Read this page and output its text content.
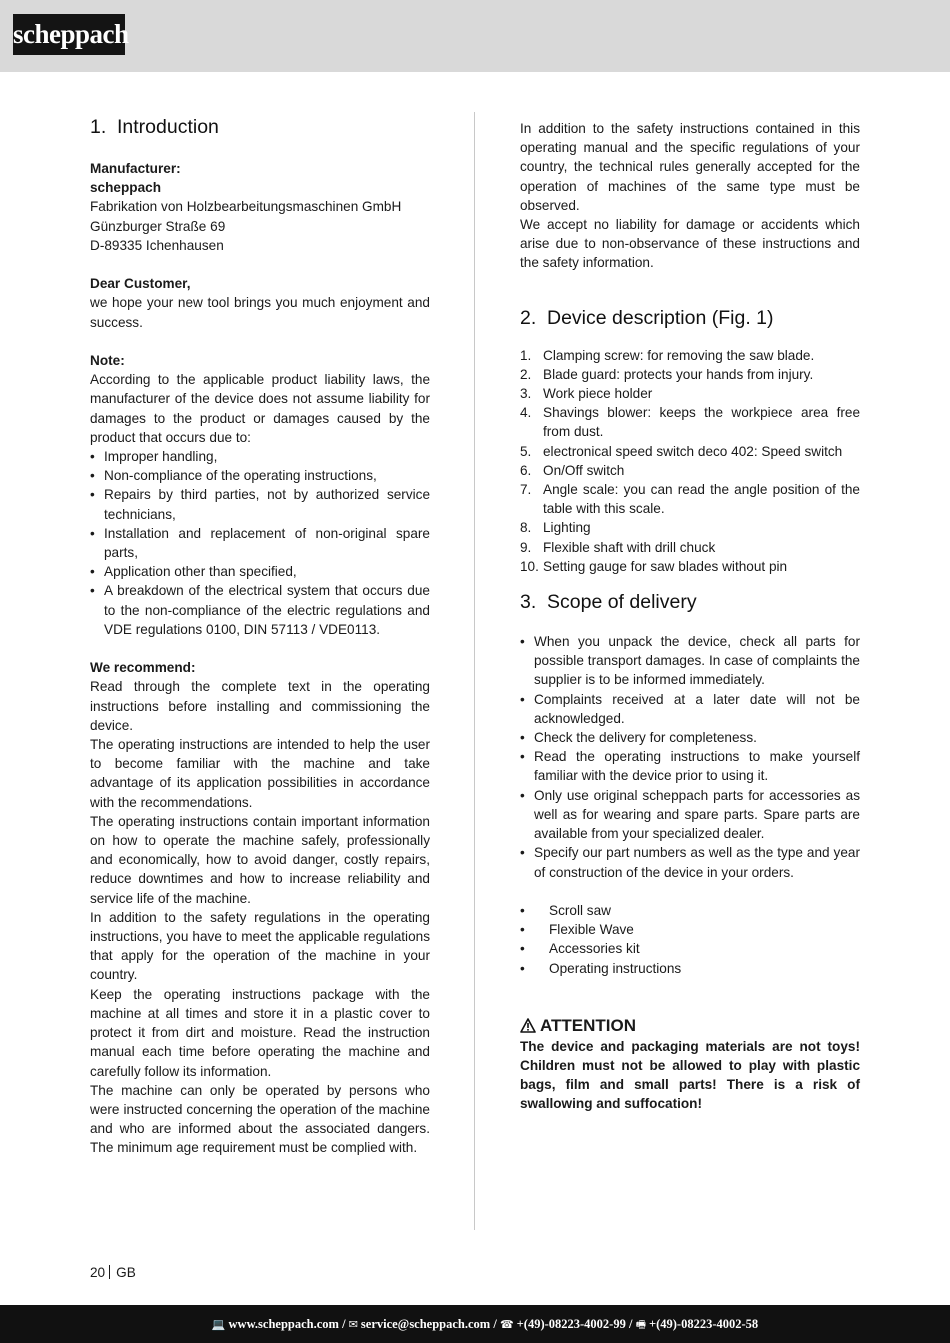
scheppach
1. Introduction

Manufacturer:

scheppach

Fabrikation von Holzbearbeitungsmaschinen GmbH

Günzburger Straße 69

D-89335 Ichenhausen

Dear Customer,

we hope your new tool brings you much enjoyment and success.

Note:

According to the applicable product liability laws, the manufacturer of the device does not assume liability for damages to the product or damages caused by the product that occurs due to:

• Improper handling,
• Non-compliance of the operating instructions,
• Repairs by third parties, not by authorized service technicians,
• Installation and replacement of non-original spare parts,
• Application other than specified,
• A breakdown of the electrical system that occurs due to the non-compliance of the electric regulations and VDE regulations 0100, DIN 57113 / VDE0113.

We recommend:

Read through the complete text in the operating instructions before installing and commissioning the device.

The operating instructions are intended to help the user to become familiar with the machine and take advantage of its application possibilities in accordance with the recommendations.

The operating instructions contain important information on how to operate the machine safely, professionally and economically, how to avoid danger, costly repairs, reduce downtimes and how to increase reliability and service life of the machine.

In addition to the safety regulations in the operating instructions, you have to meet the applicable regulations that apply for the operation of the machine in your country.

Keep the operating instructions package with the machine at all times and store it in a plastic cover to protect it from dirt and moisture. Read the instruction manual each time before operating the machine and carefully follow its information.

The machine can only be operated by persons who were instructed concerning the operation of the machine and who are informed about the associated dangers. The minimum age requirement must be complied with.

In addition to the safety instructions contained in this operating manual and the specific regulations of your country, the technical rules generally accepted for the operation of machines of the same type must be observed.

We accept no liability for damage or accidents which arise due to non-observance of these instructions and the safety information.

2. Device description (Fig. 1)
1. Clamping screw: for removing the saw blade.
2. Blade guard: protects your hands from injury.
3. Work piece holder
4. Shavings blower: keeps the workpiece area free from dust.
5. electronical speed switch deco 402: Speed switch
6. On/Off switch
7. Angle scale: you can read the angle position of the table with this scale.
8. Lighting
9. Flexible shaft with drill chuck
10. Setting gauge for saw blades without pin
3. Scope of delivery
• When you unpack the device, check all parts for possible transport damages. In case of complaints the supplier is to be informed immediately.
• Complaints received at a later date will not be acknowledged.
• Check the delivery for completeness.
• Read the operating instructions to make yourself familiar with the device prior to using it.
• Only use original scheppach parts for accessories as well as for wearing and spare parts. Spare parts are available from your specialized dealer.
• Specify our part numbers as well as the type and year of construction of the device in your orders.
• Scroll saw
• Flexible Wave
• Accessories kit
• Operating instructions
ATTENTION

The device and packaging materials are not toys! Children must not be allowed to play with plastic bags, film and small parts! There is a risk of swallowing and suffocation!

20 GB
💻 www.scheppach.com / ✉ service@scheppach.com / ☎ +(49)-08223-4002-99 / 🖷 +(49)-08223-4002-58
